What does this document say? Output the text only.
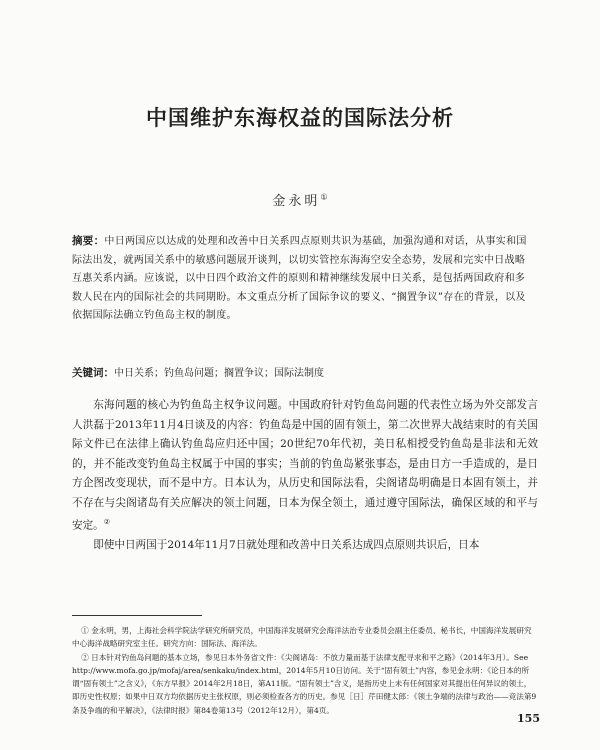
中国维护东海权益的国际法分析
金永明①
摘要：中日两国应以达成的处理和改善中日关系四点原则共识为基础，加强沟通和对话，从事实和国际法出发，就两国关系中的敏感问题展开谈判，以切实管控东海海空安全态势，发展和完实中日战略互惠关系内涵。应该说，以中日四个政治文件的原则和精神继续发展中日关系，是包括两国政府和多数人民在内的国际社会的共同期盼。本文重点分析了国际争议的要义、“搁置争议”存在的背景，以及依据国际法确立钓鱼岛主权的制度。
关键词：中日关系；钓鱼岛问题；搁置争议；国际法制度

东海问题的核心为钓鱼岛主权争议问题。中国政府针对钓鱼岛问题的代表性立场为外交部发言人洪磊于2013年11月4日谈及的内容：钓鱼岛是中国的固有领土，第二次世界大战结束时的有关国际文件已在法律上确认钓鱼岛应归还中国；20世纪70年代初，美日私相授受钓鱼岛是非法和无效的，并不能改变钓鱼岛主权属于中国的事实；当前的钓鱼岛紧张事态，是由日方一手造成的，是日方企图改变现状，而不是中方。日本认为，从历史和国际法看，尖阁诸岛明确是日本固有领土，并不存在与尖阁诸岛有关应解决的领土问题，日本为保全领土，通过遵守国际法，确保区域的和平与安定。②

即使中日两国于2014年11月7日就处理和改善中日关系达成四点原则共识后，日本

① 金永明，男，上海社会科学院法学研究所研究员，中国海洋发展研究会海洋法治专业委员会副主任委员、秘书长，中国海洋发展研究中心海洋战略研究室主任。研究方向：国际法、海洋法。

② 日本针对钓鱼岛问题的基本立场，参见日本外务省文件：《尖阁诸岛：不放力量而基于法律支配寻求和平之路》（2014年3月）。See http://www.mofa.go.jp/mofaj/area/senkaku/index.html，2014年5月10日访问。关于“固有领土”内容，参见金永明：《论日本的所谓“固有领土”之含义》，《东方早报》2014年2月18日，第A11版。“固有领土”含义，是指历史上未有任何国家对其提出任何异议的领土，即历史性权原；如果中日双方均依据历史主张权原，则必须检查各方的历史。参见［日］芹田健太郎：《领土争端的法律与政治——竞法第9条及争端的和平解决》，《法律时报》第84卷第13号（2012年12月），第4页。

155
